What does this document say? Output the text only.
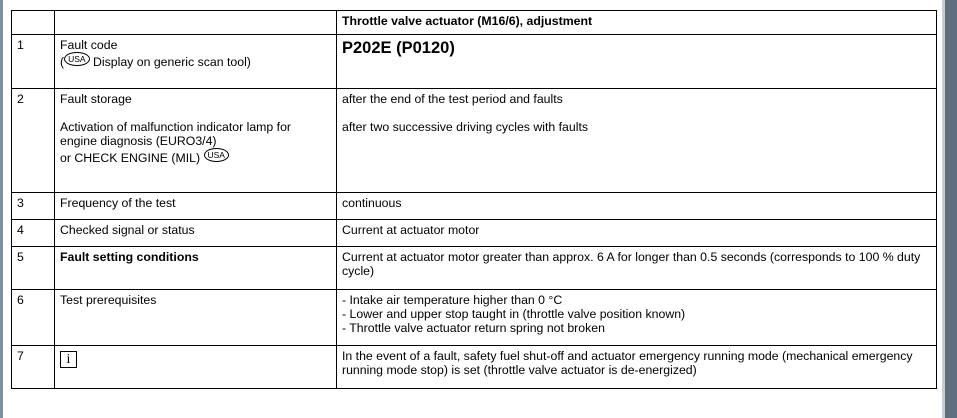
		Throttle valve actuator (M16/6), adjustment
1	Fault code
( USA Display on generic scan tool)	P202E (P0120)
2	Fault storage
Activation of malfunction indicator lamp for
engine diagnosis (EURO3/4)
or CHECK ENGINE (MIL) USA	after the end of the test period and faults
after two successive driving cycles with faults

3	Frequency of the test	continuous
4	Checked signal or status	Current at actuator motor
5	Fault setting conditions	Current at actuator motor greater than approx. 6 A for longer than 0.5 seconds (corresponds to 100 % duty cycle)
6	Test prerequisites	- Intake air temperature higher than 0 °C
- Lower and upper stop taught in (throttle valve position known)
- Throttle valve actuator return spring not broken

7	i	In the event of a fault, safety fuel shut-off and actuator emergency running mode (mechanical emergency running mode stop) is set (throttle valve actuator is de-energized)
